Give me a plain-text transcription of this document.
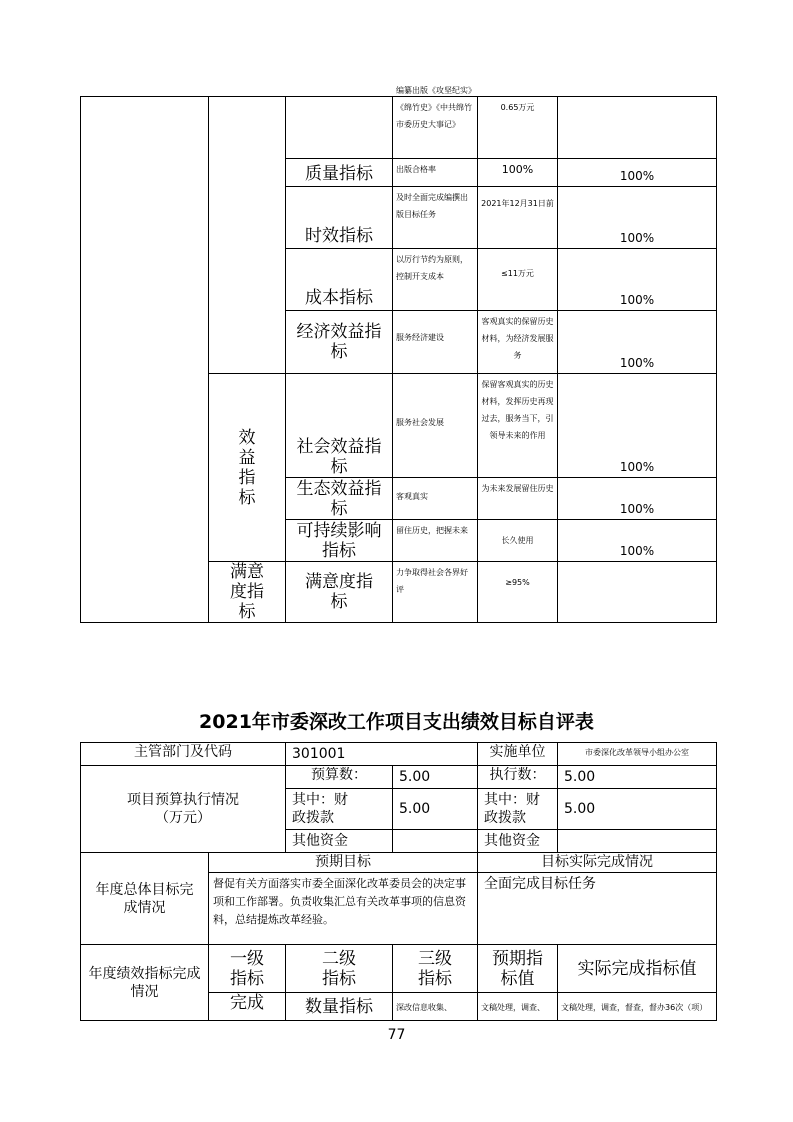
			编纂出版《攻坚纪实》《绵竹史》《中共绵竹市委历史大事记》	0.65万元	
		质量指标	出版合格率	100%	100%
		时效指标	及时全面完成编撰出版目标任务	2021年12月31日前	100%
		成本指标	以厉行节约为原则，控制开支成本	≤11万元	100%
		经济效益指标	服务经济建设	客观真实的保留历史材料，为经济发展服务	100%
	效益指标	社会效益指标	服务社会发展	保留客观真实的历史材料，发挥历史再现过去，服务当下，引领导未来的作用	100%
		生态效益指标	客观真实	为未来发展留住历史	100%
		可持续影响指标	留住历史，把握未来	长久使用	100%
	满意度指标	满意度指标	力争取得社会各界好评	≥95%	
2021年市委深改工作项目支出绩效目标自评表
主管部门及代码		301001		实施单位	市委深化改革领导小组办公室
项目预算执行情况（万元）		预算数：	5.00	执行数：	5.00
		其中：财政拨款	5.00	其中：财政拨款	5.00
		其他资金		其他资金	
年度总体目标完成情况	预期目标			目标实际完成情况	
	督促有关方面落实市委全面深化改革委员会的决定事项和工作部署。负责收集汇总有关改革事项的信息资料，总结提炼改革经验。			全面完成目标任务	
年度绩效指标完成情况	一级指标	二级指标	三级指标	预期指标值	实际完成指标值
	完成	数量指标	深改信息收集、	文稿处理，调查、	文稿处理，调查，督查，督办36次（项）
77
